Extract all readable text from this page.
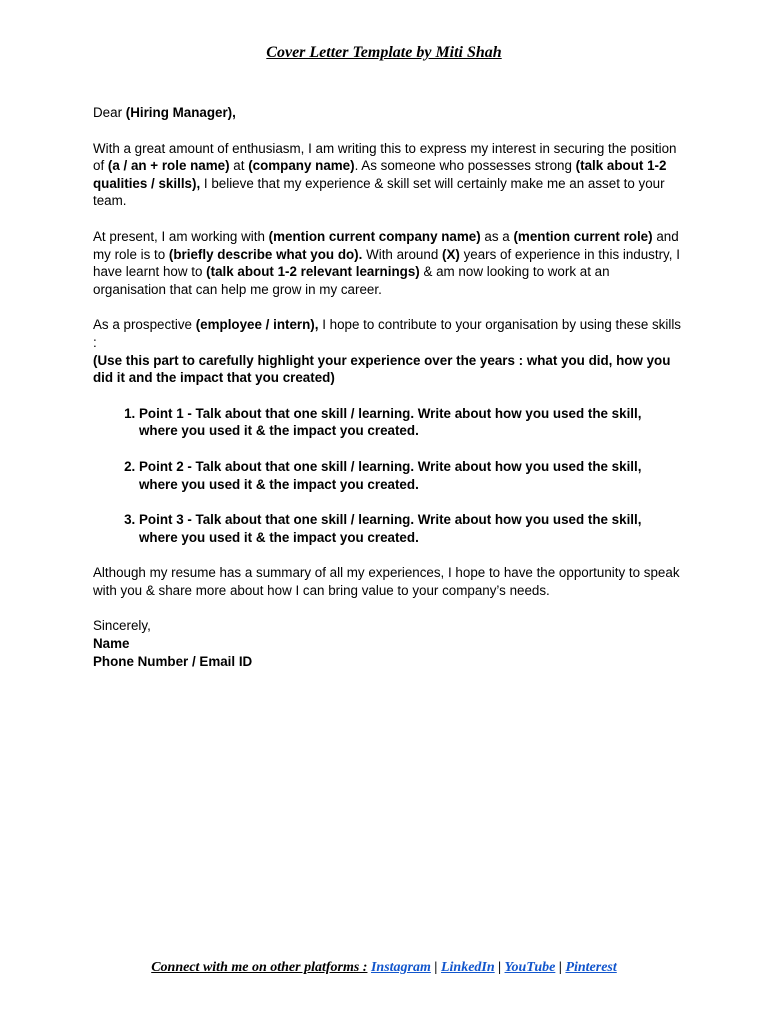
Cover Letter Template by Miti Shah

Dear (Hiring Manager),

With a great amount of enthusiasm, I am writing this to express my interest in securing the position of (a / an + role name) at (company name). As someone who possesses strong (talk about 1-2 qualities / skills), I believe that my experience & skill set will certainly make me an asset to your team.

At present, I am working with (mention current company name) as a (mention current role) and my role is to (briefly describe what you do). With around (X) years of experience in this industry, I have learnt how to (talk about 1-2 relevant learnings) & am now looking to work at an organisation that can help me grow in my career.

As a prospective (employee / intern), I hope to contribute to your organisation by using these skills :
(Use this part to carefully highlight your experience over the years : what you did, how you did it and the impact that you created)

1. Point 1 - Talk about that one skill / learning. Write about how you used the skill, where you used it & the impact you created.
2. Point 2 - Talk about that one skill / learning. Write about how you used the skill, where you used it & the impact you created.
3. Point 3 - Talk about that one skill / learning. Write about how you used the skill, where you used it & the impact you created.

Although my resume has a summary of all my experiences, I hope to have the opportunity to speak with you & share more about how I can bring value to your company’s needs.

Sincerely,

Name

Phone Number / Email ID

Connect with me on other platforms : Instagram | LinkedIn | YouTube | Pinterest
